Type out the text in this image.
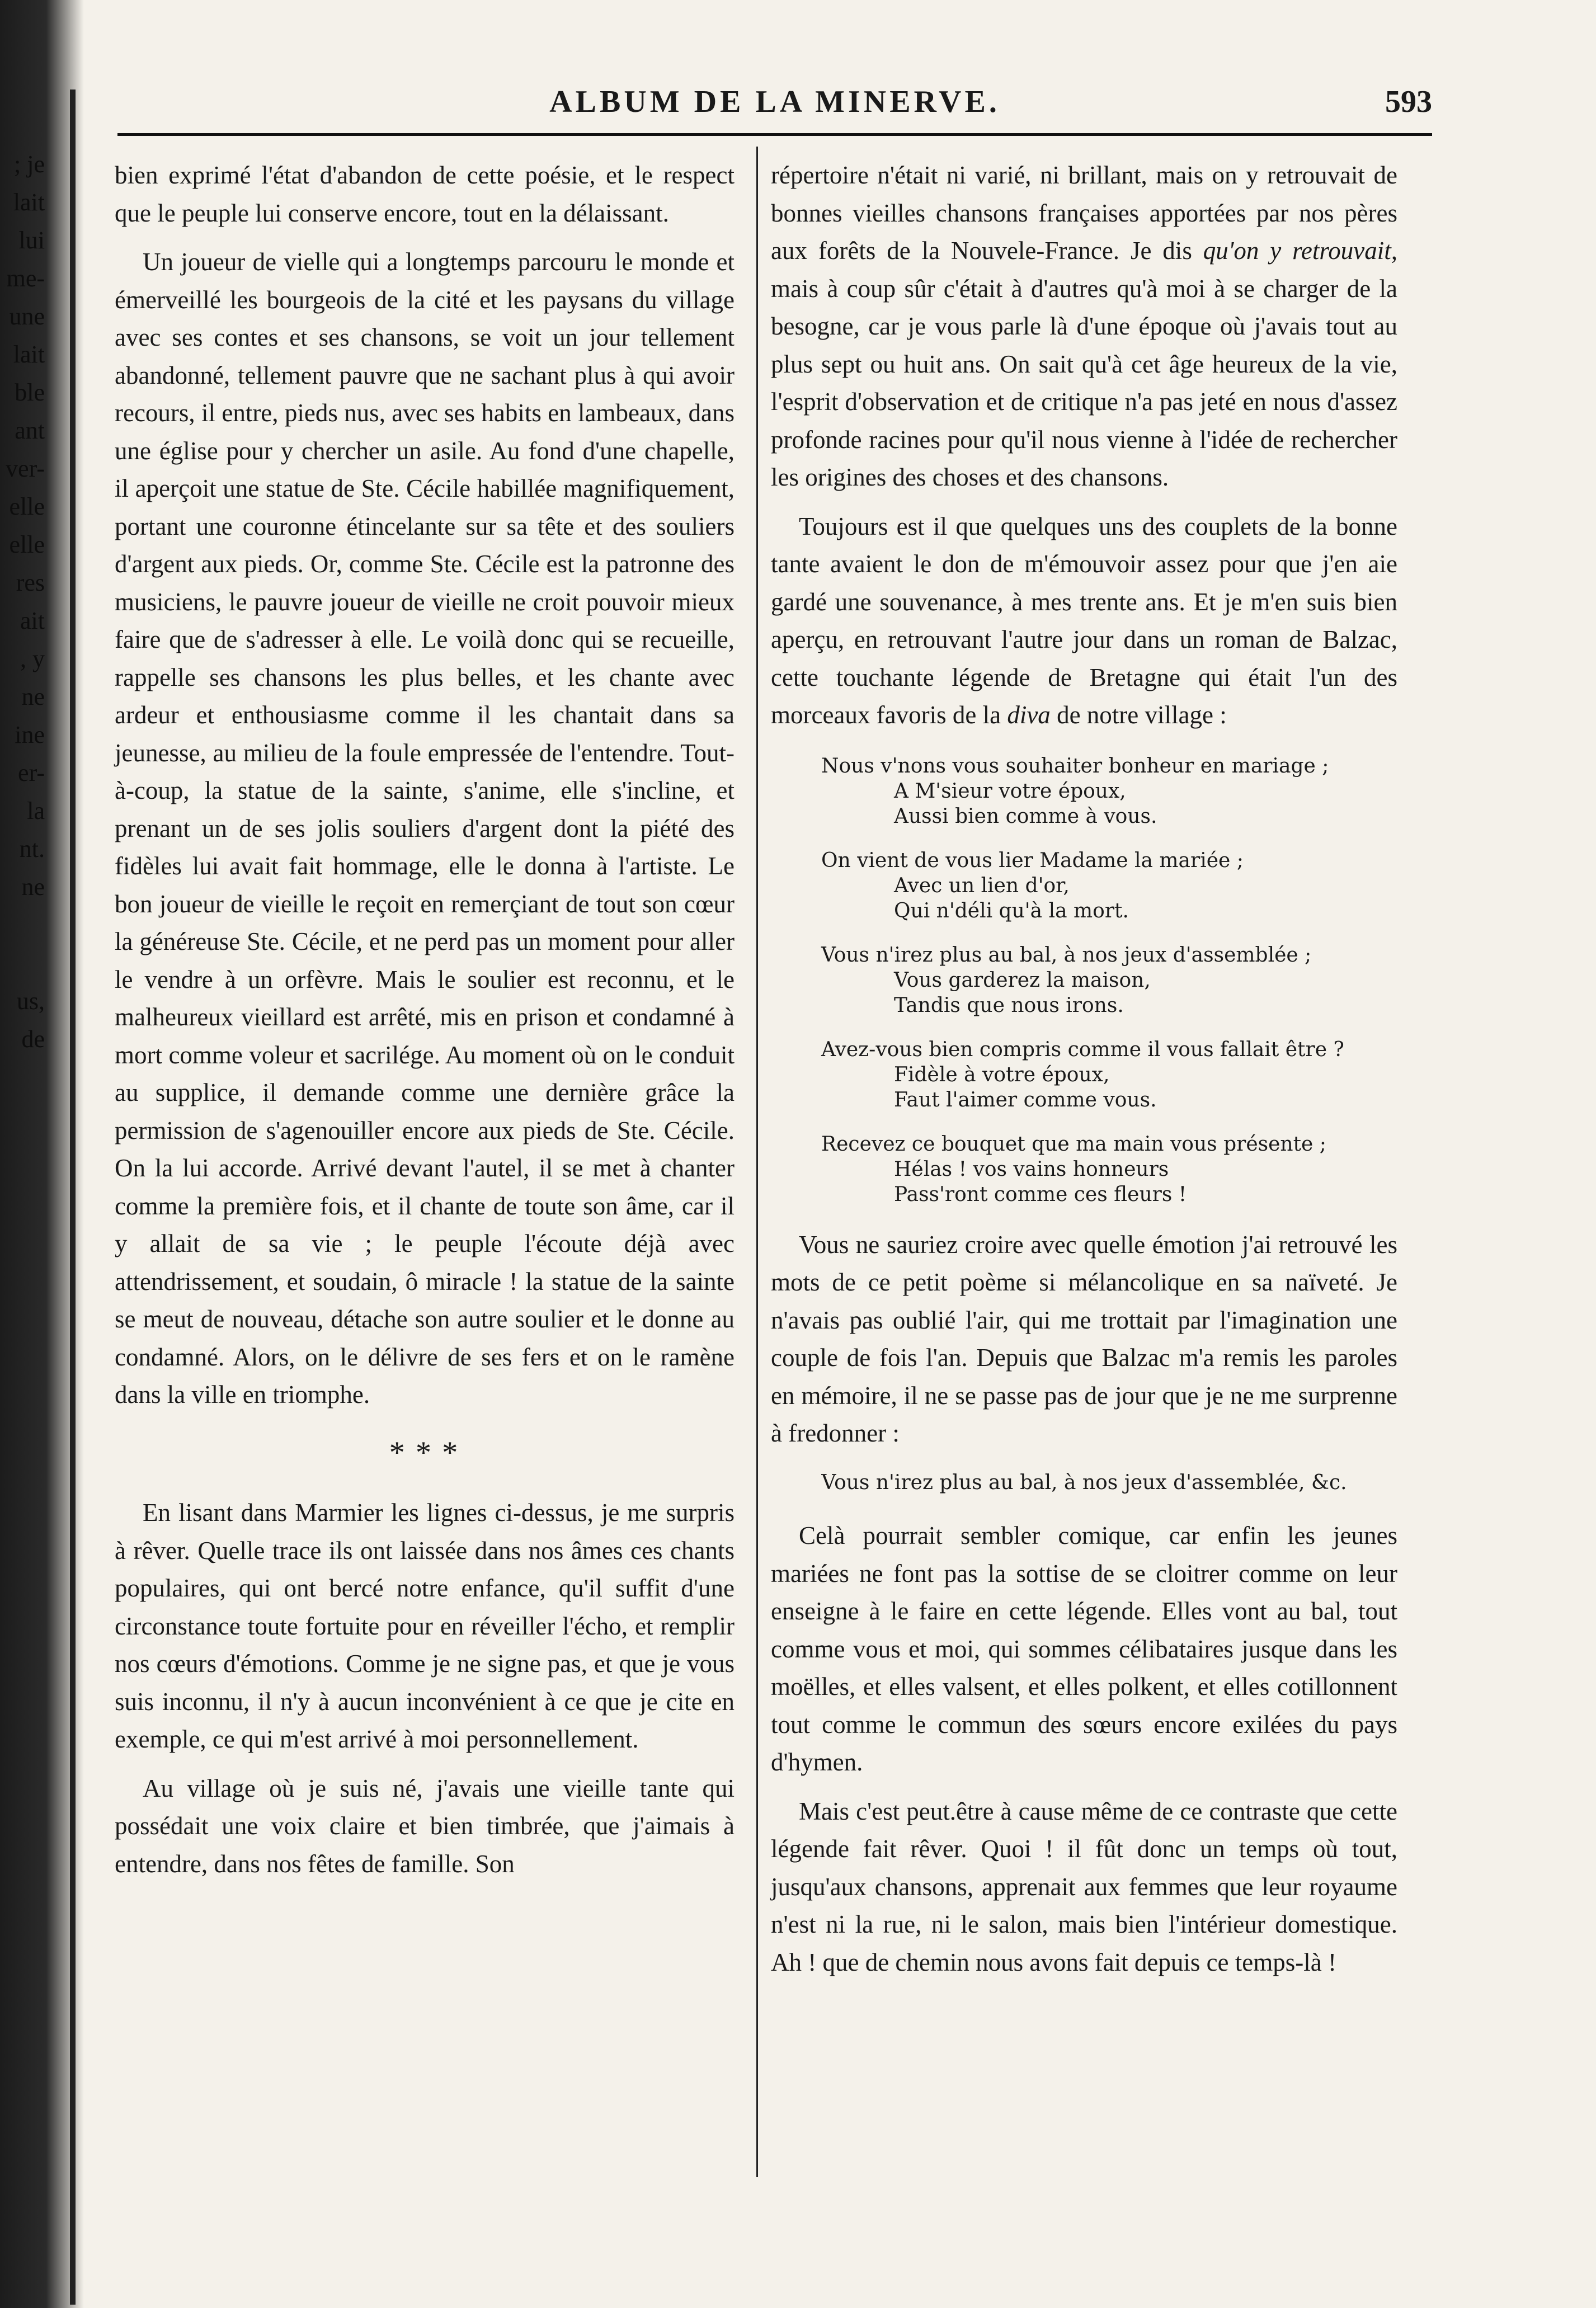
; je
lait
lui
me-
une
lait
ble
ant
ver-
elle
elle
res
ait
, y
ne
ine
er-
la
nt.
ne
us,
de
ALBUM DE LA MINERVE.	593

bien exprimé l'état d'abandon de cette poésie, et le respect que le peuple lui conserve encore, tout en la délaissant.

Un joueur de vielle qui a longtemps parcouru le monde et émerveillé les bourgeois de la cité et les paysans du village avec ses contes et ses chansons, se voit un jour tellement abandonné, tellement pauvre que ne sachant plus à qui avoir recours, il entre, pieds nus, avec ses habits en lambeaux, dans une église pour y chercher un asile. Au fond d'une chapelle, il aperçoit une statue de Ste. Cécile habillée magnifiquement, portant une couronne étincelante sur sa tête et des souliers d'argent aux pieds. Or, comme Ste. Cécile est la patronne des musiciens, le pauvre joueur de vieille ne croit pouvoir mieux faire que de s'adresser à elle. Le voilà donc qui se recueille, rappelle ses chansons les plus belles, et les chante avec ardeur et enthousiasme comme il les chantait dans sa jeunesse, au milieu de la foule empressée de l'entendre. Tout-à-coup, la statue de la sainte, s'anime, elle s'incline, et prenant un de ses jolis souliers d'argent dont la piété des fidèles lui avait fait hommage, elle le donna à l'artiste. Le bon joueur de vieille le reçoit en remerçiant de tout son cœur la généreuse Ste. Cécile, et ne perd pas un moment pour aller le vendre à un orfèvre. Mais le soulier est reconnu, et le malheureux vieillard est arrêté, mis en prison et condamné à mort comme voleur et sacrilége. Au moment où on le conduit au supplice, il demande comme une dernière grâce la permission de s'agenouiller encore aux pieds de Ste. Cécile. On la lui accorde. Arrivé devant l'autel, il se met à chanter comme la première fois, et il chante de toute son âme, car il y allait de sa vie ; le peuple l'écoute déjà avec attendrissement, et soudain, ô miracle ! la statue de la sainte se meut de nouveau, détache son autre soulier et le donne au condamné. Alors, on le délivre de ses fers et on le ramène dans la ville en triomphe.

* * *

En lisant dans Marmier les lignes ci-dessus, je me surpris à rêver. Quelle trace ils ont laissée dans nos âmes ces chants populaires, qui ont bercé notre enfance, qu'il suffit d'une circonstance toute fortuite pour en réveiller l'écho, et remplir nos cœurs d'émotions. Comme je ne signe pas, et que je vous suis inconnu, il n'y à aucun inconvénient à ce que je cite en exemple, ce qui m'est arrivé à moi personnellement.

Au village où je suis né, j'avais une vieille tante qui possédait une voix claire et bien timbrée, que j'aimais à entendre, dans nos fêtes de famille. Son

répertoire n'était ni varié, ni brillant, mais on y retrouvait de bonnes vieilles chansons françaises apportées par nos pères aux forêts de la Nouvele-France. Je dis qu'on y retrouvait, mais à coup sûr c'était à d'autres qu'à moi à se charger de la besogne, car je vous parle là d'une époque où j'avais tout au plus sept ou huit ans. On sait qu'à cet âge heureux de la vie, l'esprit d'observation et de critique n'a pas jeté en nous d'assez profonde racines pour qu'il nous vienne à l'idée de rechercher les origines des choses et des chansons.

Toujours est il que quelques uns des couplets de la bonne tante avaient le don de m'émouvoir assez pour que j'en aie gardé une souvenance, à mes trente ans. Et je m'en suis bien aperçu, en retrouvant l'autre jour dans un roman de Balzac, cette touchante légende de Bretagne qui était l'un des morceaux favoris de la diva de notre village :

Nous v'nons vous souhaiter bonheur en mariage ;
A M'sieur votre époux,
Aussi bien comme à vous.
On vient de vous lier Madame la mariée ;
Avec un lien d'or,
Qui n'déli qu'à la mort.
Vous n'irez plus au bal, à nos jeux d'assemblée ;
Vous garderez la maison,
Tandis que nous irons.
Avez-vous bien compris comme il vous fallait être ?
Fidèle à votre époux,
Faut l'aimer comme vous.
Recevez ce bouquet que ma main vous présente ;
Hélas ! vos vains honneurs
Pass'ront comme ces fleurs !

Vous ne sauriez croire avec quelle émotion j'ai retrouvé les mots de ce petit poème si mélancolique en sa naïveté. Je n'avais pas oublié l'air, qui me trottait par l'imagination une couple de fois l'an. Depuis que Balzac m'a remis les paroles en mémoire, il ne se passe pas de jour que je ne me surprenne à fredonner :

Vous n'irez plus au bal, à nos jeux d'assemblée, &c.

Celà pourrait sembler comique, car enfin les jeunes mariées ne font pas la sottise de se cloitrer comme on leur enseigne à le faire en cette légende. Elles vont au bal, tout comme vous et moi, qui sommes célibataires jusque dans les moëlles, et elles valsent, et elles polkent, et elles cotillonnent tout comme le commun des sœurs encore exilées du pays d'hymen.

Mais c'est peut.être à cause même de ce contraste que cette légende fait rêver. Quoi ! il fût donc un temps où tout, jusqu'aux chansons, apprenait aux femmes que leur royaume n'est ni la rue, ni le salon, mais bien l'intérieur domestique. Ah ! que de chemin nous avons fait depuis ce temps-là !
